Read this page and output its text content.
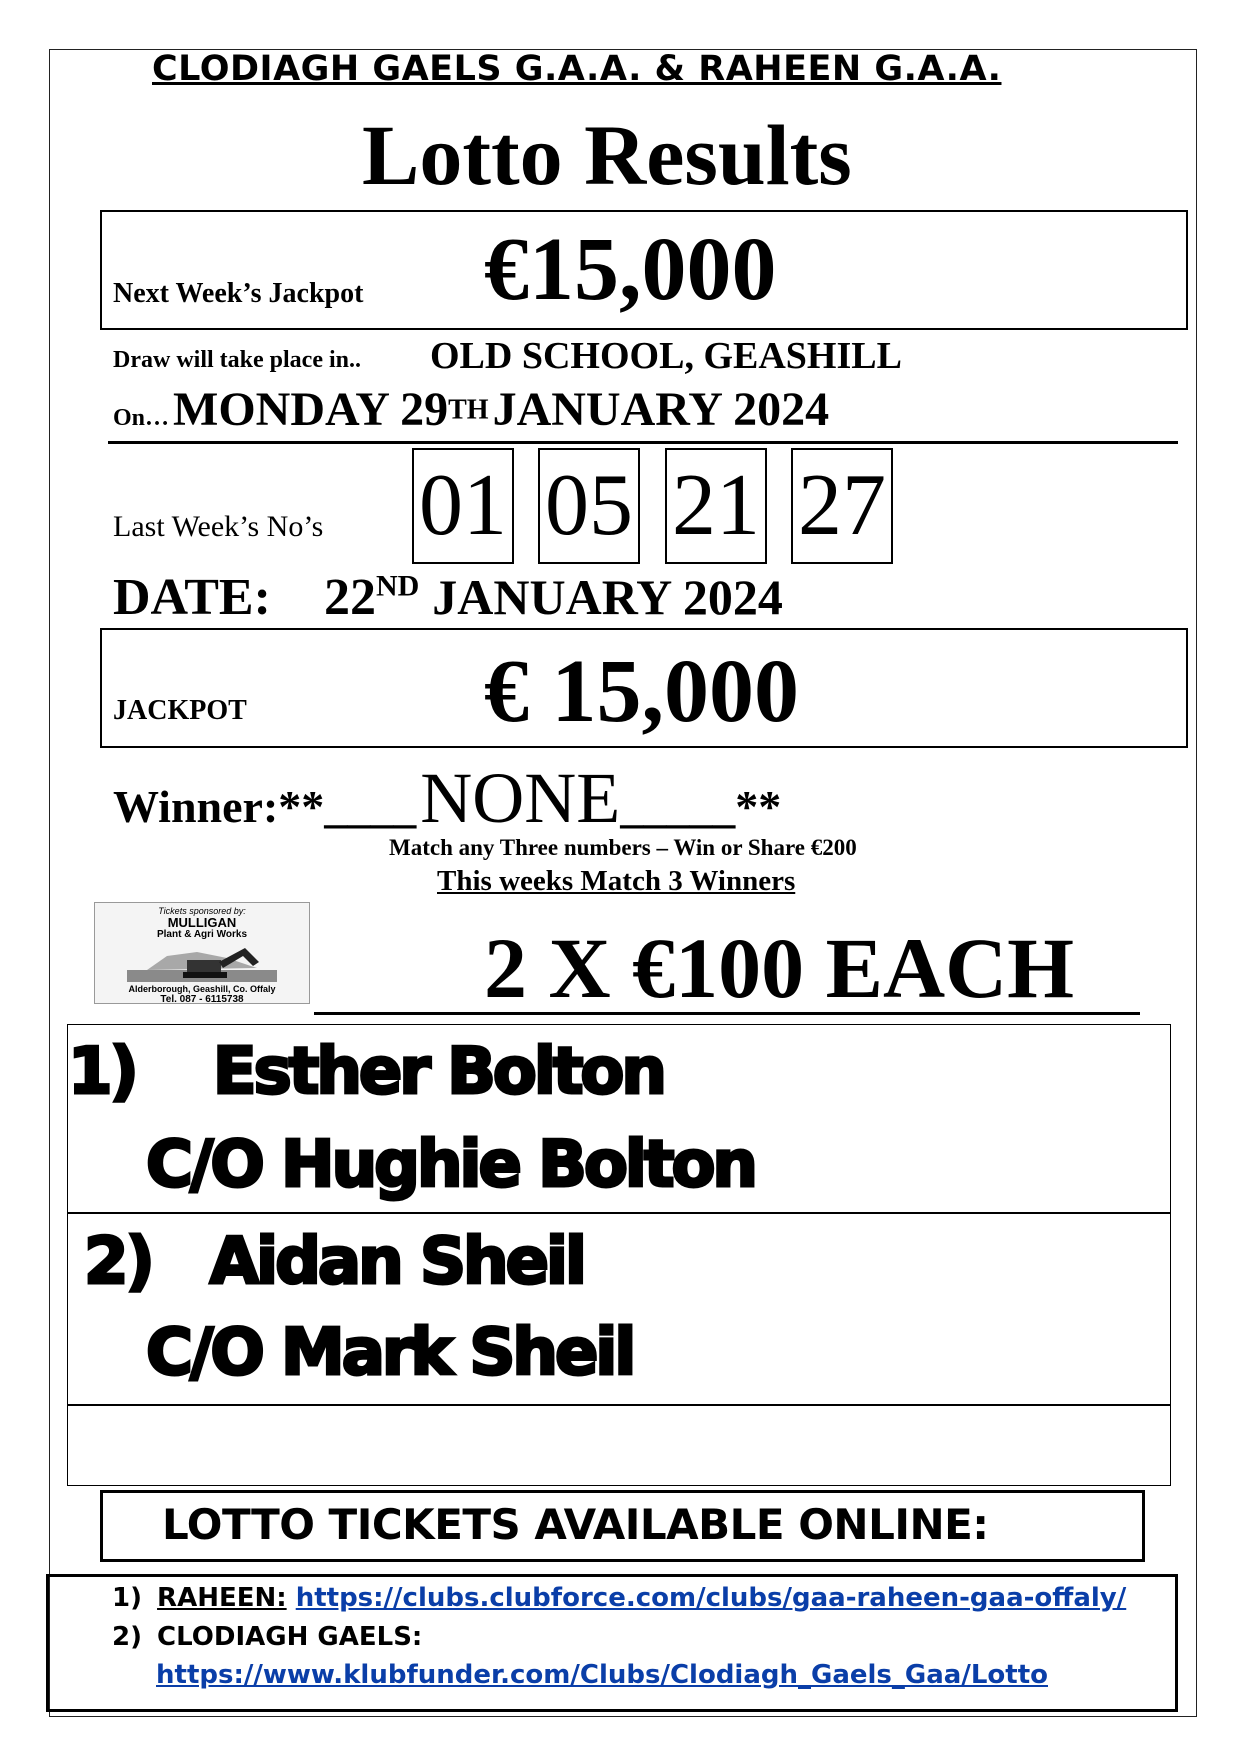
CLODIAGH GAELS G.A.A. & RAHEEN G.A.A.
Lotto Results
Next Week’s Jackpot €15,000
Draw will take place in.. OLD SCHOOL, GEASHILL
On… MONDAY 29TH JANUARY 2024
Last Week’s No’s 01 05 21 27
DATE: 22ND JANUARY 2024
JACKPOT	€ 15,000
Winner:**____ NONE_____**
Match any Three numbers – Win or Share €200
This weeks Match 3 Winners
Tickets sponsored by:
MULLIGAN
Plant & Agri Works
Alderborough, Geashill, Co. Offaly
Tel. 087 - 6115738	2 X €100 EACH
1)    Esther Bolton
C/O Hughie Bolton
2)   Aidan Sheil
C/O Mark Sheil
LOTTO TICKETS AVAILABLE ONLINE:
1) RAHEEN: https://clubs.clubforce.com/clubs/gaa-raheen-gaa-offaly/
2) CLODIAGH GAELS:
https://www.klubfunder.com/Clubs/Clodiagh_Gaels_Gaa/Lotto
